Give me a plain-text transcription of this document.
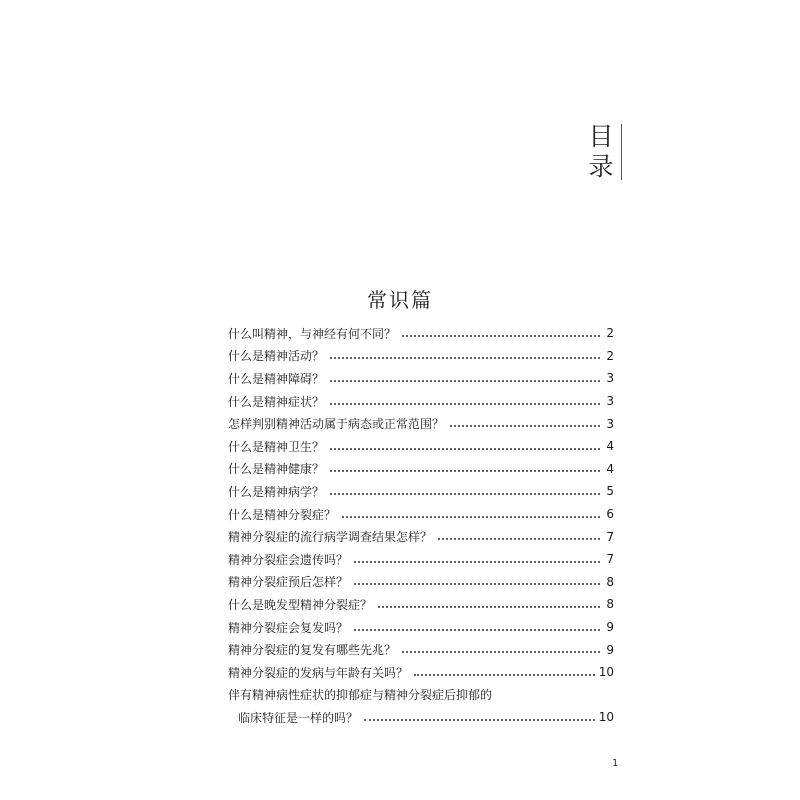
目
录
常识篇
什么叫精神，与神经有何不同？	2
什么是精神活动？	2
什么是精神障碍？	3
什么是精神症状？	3
怎样判别精神活动属于病态或正常范围？	3
什么是精神卫生？	4
什么是精神健康？	4
什么是精神病学？	5
什么是精神分裂症？	6
精神分裂症的流行病学调查结果怎样？	7
精神分裂症会遗传吗？	7
精神分裂症预后怎样？	8
什么是晚发型精神分裂症？	8
精神分裂症会复发吗？	9
精神分裂症的复发有哪些先兆？	9
精神分裂症的发病与年龄有关吗？	10
伴有精神病性症状的抑郁症与精神分裂症后抑郁的
临床特征是一样的吗？	10
1
